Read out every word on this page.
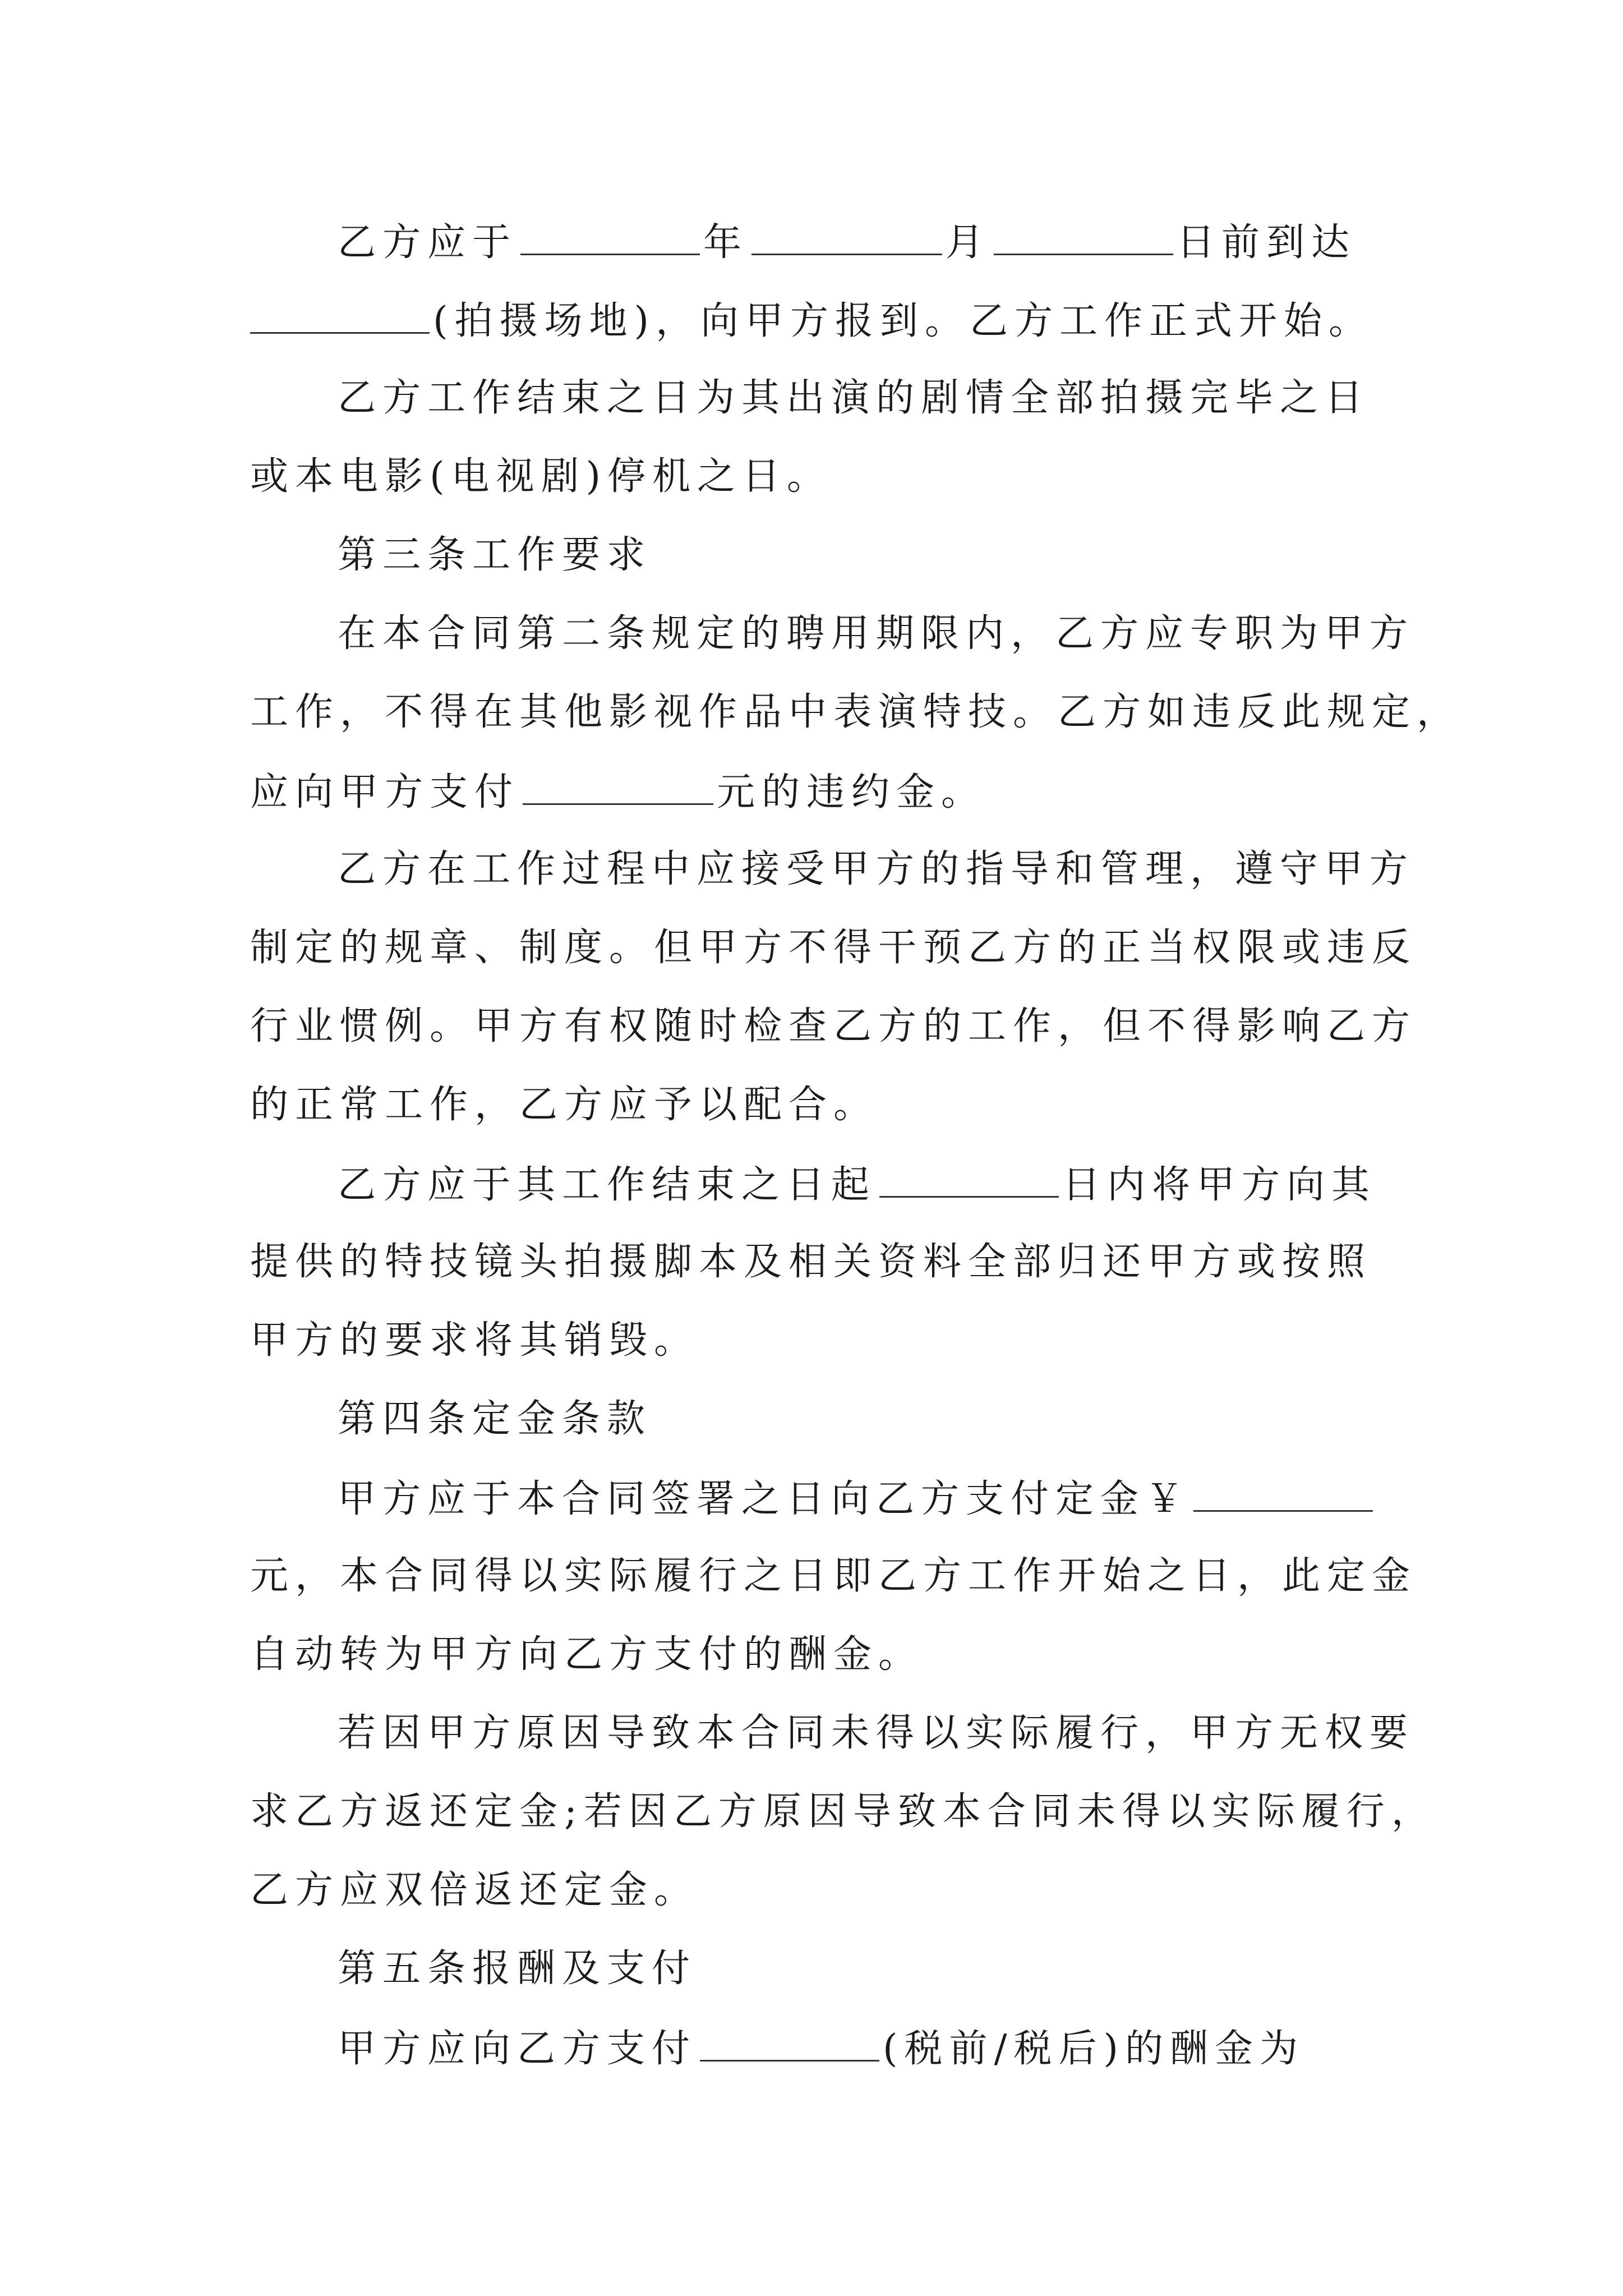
乙方应于	年	月	日前到达
(拍摄场地)，向甲方报到。乙方工作正式开始。
乙方工作结束之日为其出演的剧情全部拍摄完毕之日
或本电影(电视剧)停机之日。
第三条工作要求
在本合同第二条规定的聘用期限内，乙方应专职为甲方
工作，不得在其他影视作品中表演特技。乙方如违反此规定，
应向甲方支付	元的违约金。
乙方在工作过程中应接受甲方的指导和管理，遵守甲方
制定的规章、制度。但甲方不得干预乙方的正当权限或违反
行业惯例。甲方有权随时检查乙方的工作，但不得影响乙方
的正常工作，乙方应予以配合。
乙方应于其工作结束之日起	日内将甲方向其
提供的特技镜头拍摄脚本及相关资料全部归还甲方或按照
甲方的要求将其销毁。
第四条定金条款
甲方应于本合同签署之日向乙方支付定金￥
元，本合同得以实际履行之日即乙方工作开始之日，此定金
自动转为甲方向乙方支付的酬金。
若因甲方原因导致本合同未得以实际履行，甲方无权要
求乙方返还定金;若因乙方原因导致本合同未得以实际履行，
乙方应双倍返还定金。
第五条报酬及支付
甲方应向乙方支付	(税前/税后)的酬金为
